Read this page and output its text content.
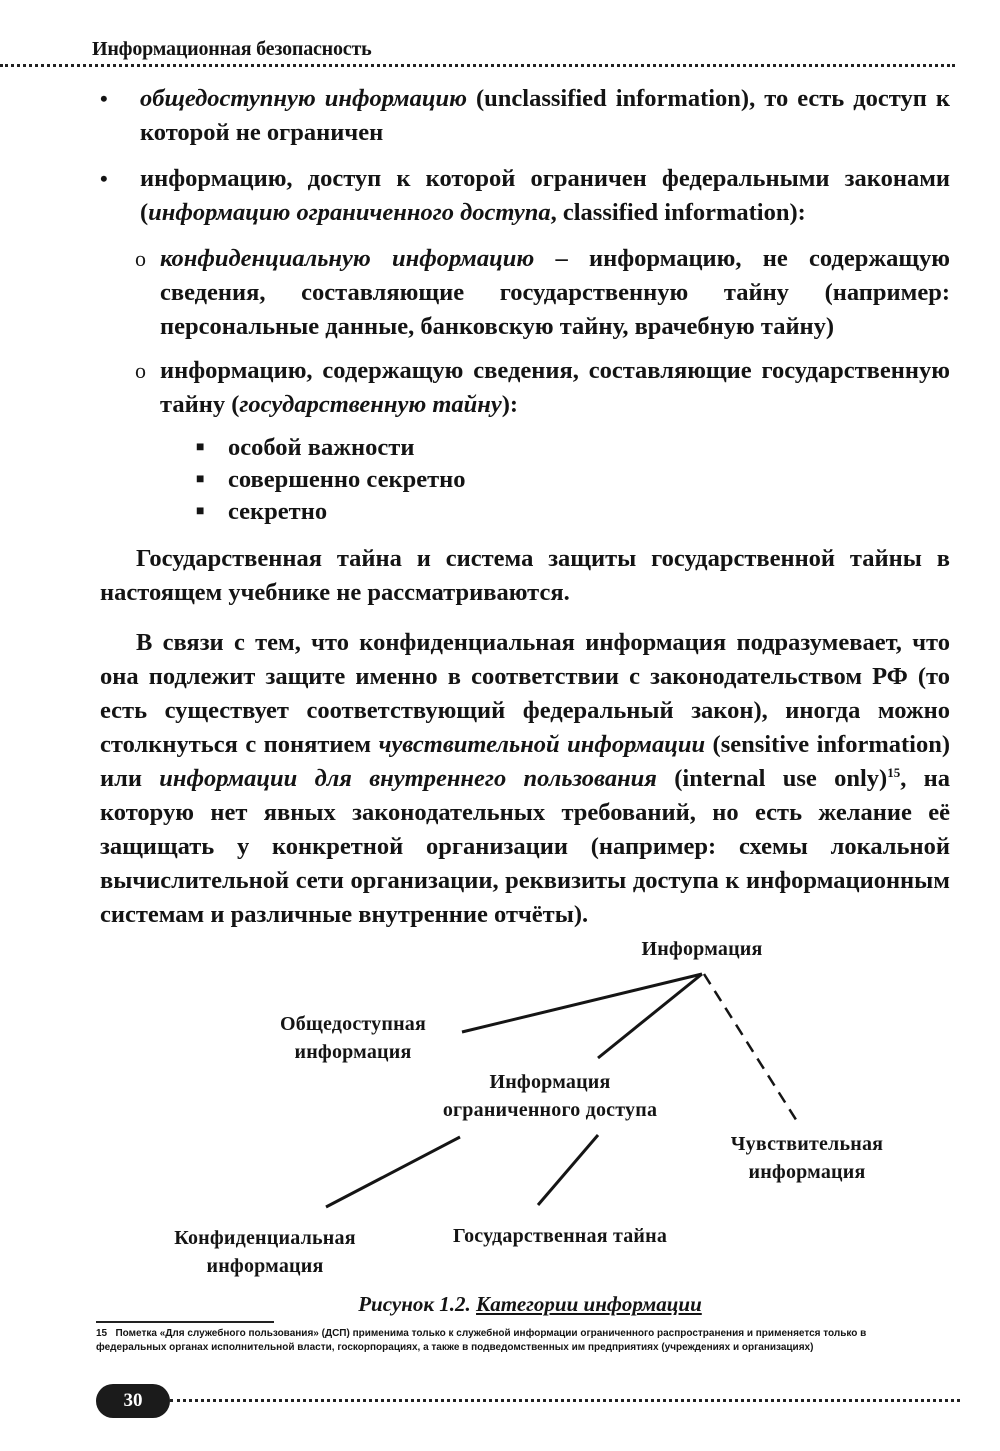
Информационная безопасность
•	общедоступную информацию (unclassified information), то есть доступ к которой не ограничен
•	информацию, доступ к которой ограничен федеральными законами (информацию ограниченного доступа, classified information):
o конфиденциальную информацию – информацию, не содержащую сведения, составляющие государственную тайну (например: персональные данные, банковскую тайну, врачебную тайну)
o информацию, содержащую сведения, составляющие государственную тайну (государственную тайну):
■ особой важности
■ совершенно секретно
■ секретно
Государственная тайна и система защиты государственной тайны в настоящем учебнике не рассматриваются.
В связи с тем, что конфиденциальная информация подразумевает, что она подлежит защите именно в соответствии с законодательством РФ (то есть существует соответствующий федеральный закон), иногда можно столкнуться с понятием чувствительной информации (sensitive information) или информации для внутреннего пользования (internal use only)$^{15}$, на которую нет явных законодательных требований, но есть желание её защищать у конкретной организации (например: схемы локальной вычислительной сети организации, реквизиты доступа к информационным системам и различные внутренние отчёты).
Информация
Общедоступная
информация
Информация
ограниченного доступа
Чувствительная
информация
Конфиденциальная
информация
Государственная тайна
Рисунок 1.2. Категории информации
15 Пометка «Для служебного пользования» (ДСП) применима только к служебной информации ограниченного распространения и применяется только в федеральных органах исполнительной власти, госкорпорациях, а также в подведомственных им предприятиях (учреждениях и организациях)
30
